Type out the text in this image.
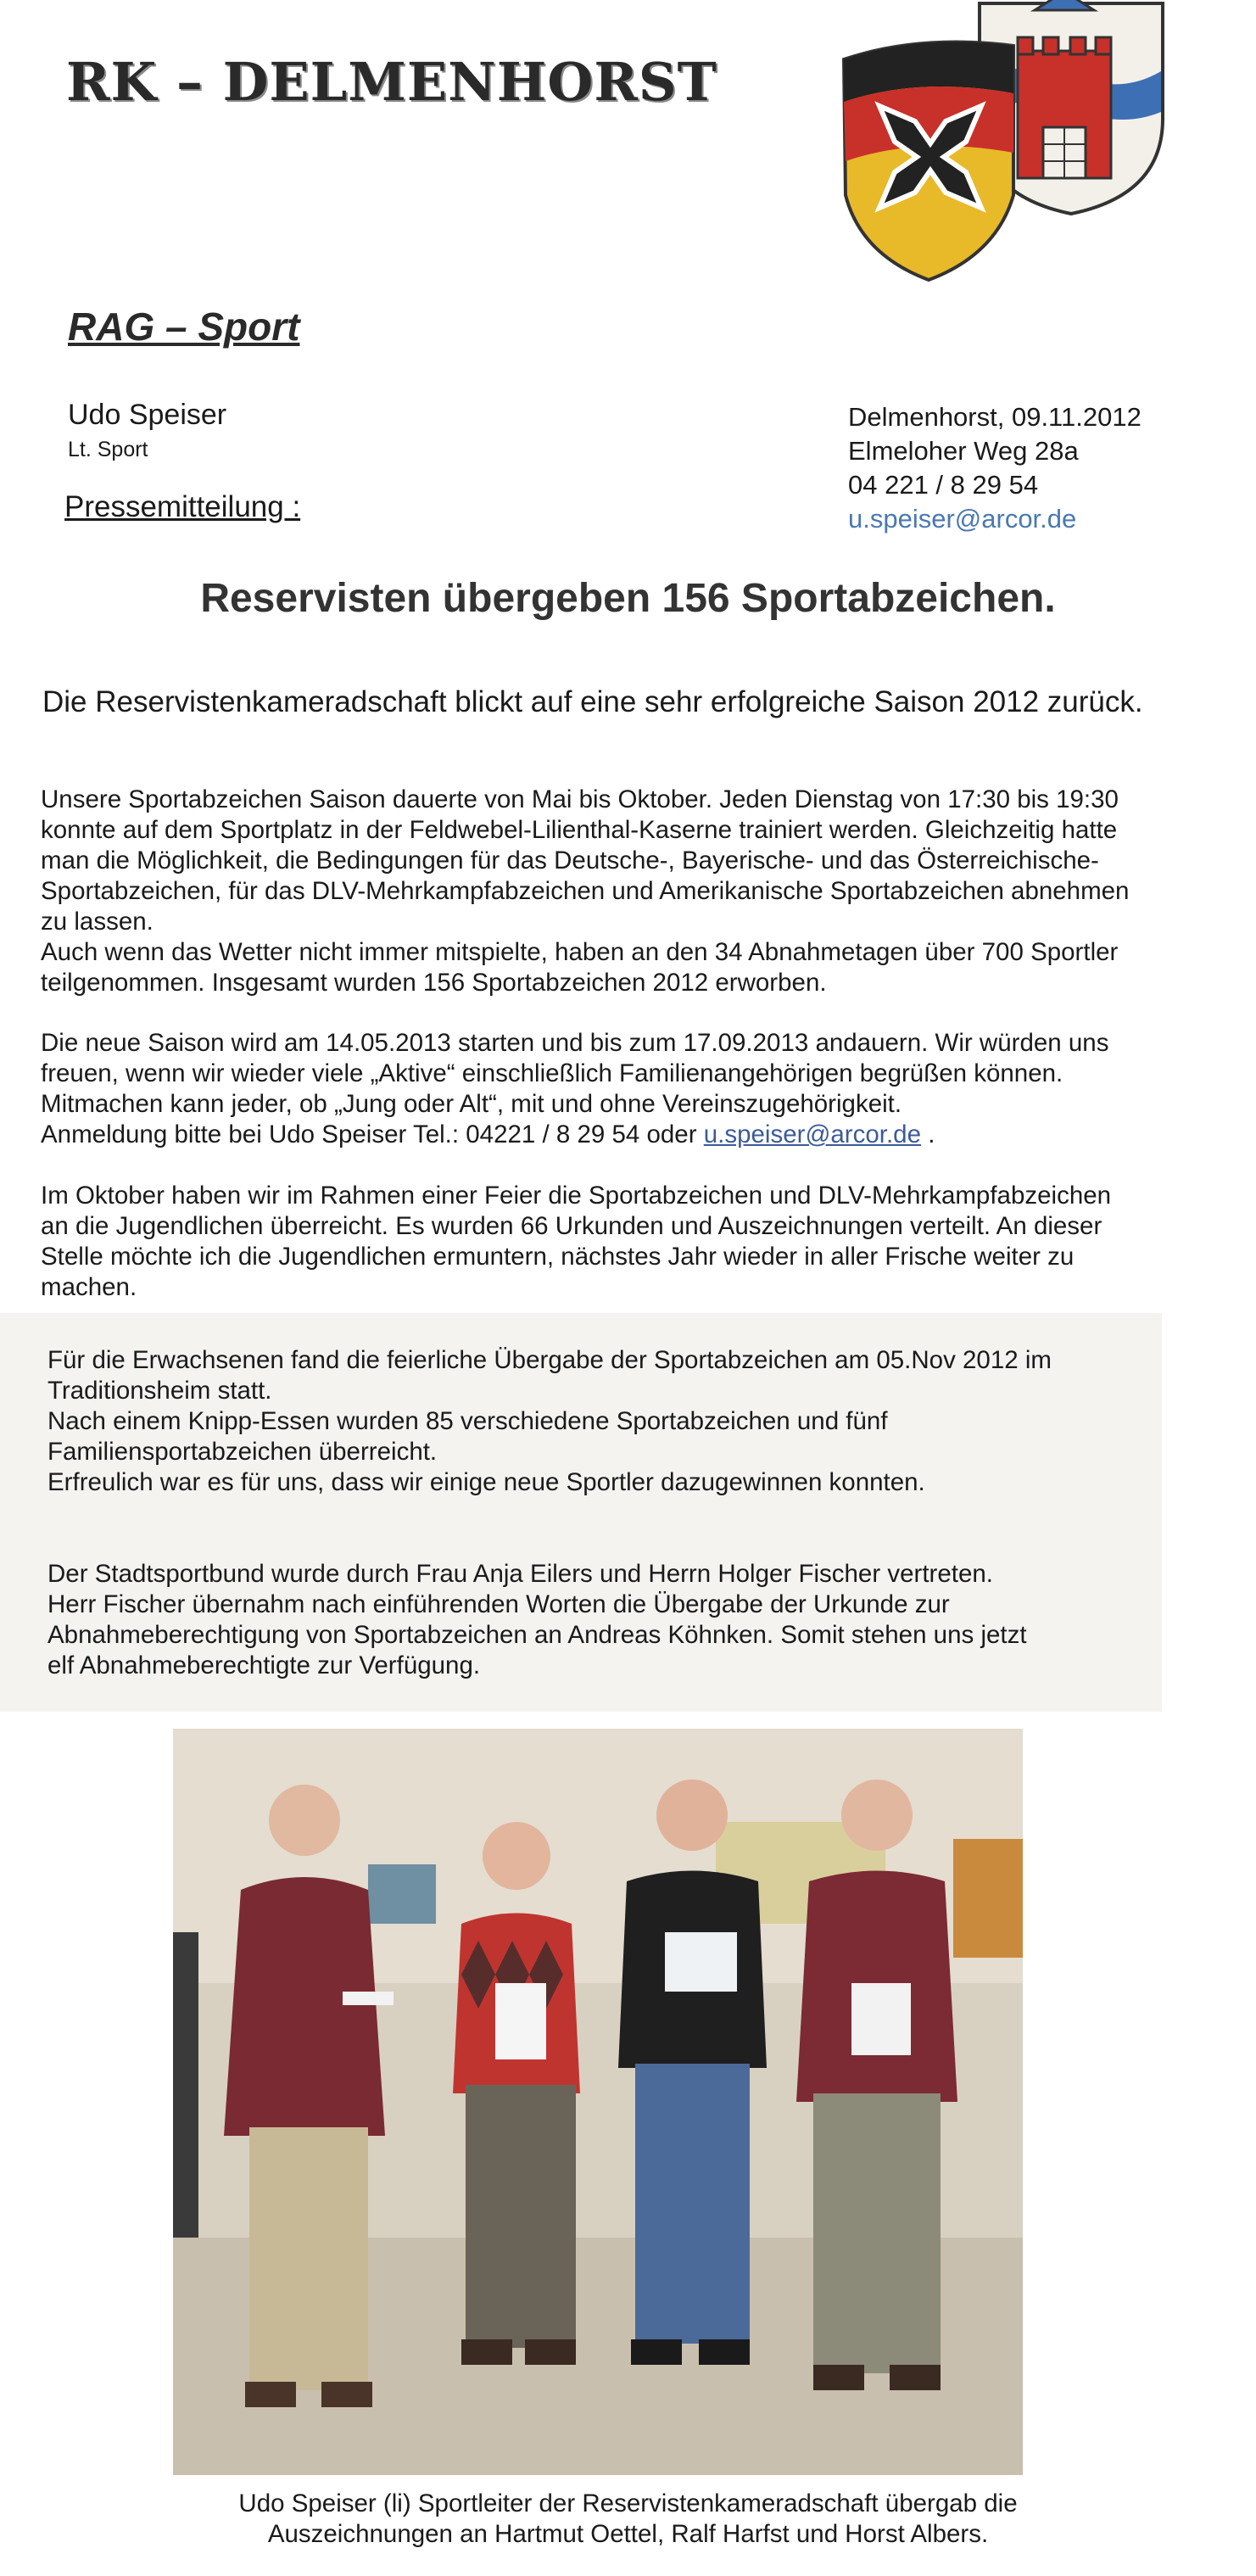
RK – DELMENHORST
RAG – Sport
Udo Speiser
Lt. Sport
Pressemitteilung :
Delmenhorst, 09.11.2012
Elmeloher Weg 28a
04 221 / 8 29 54
u.speiser@arcor.de
Reservisten übergeben 156 Sportabzeichen.
Die Reservistenkameradschaft blickt auf eine sehr erfolgreiche Saison 2012 zurück.
Unsere Sportabzeichen Saison dauerte von Mai bis Oktober. Jeden Dienstag von 17:30 bis 19:30
konnte auf dem Sportplatz in der Feldwebel-Lilienthal-Kaserne trainiert werden. Gleichzeitig hatte
man die Möglichkeit, die Bedingungen für das Deutsche-, Bayerische- und das Österreichische-
Sportabzeichen, für das DLV-Mehrkampfabzeichen und Amerikanische Sportabzeichen abnehmen
zu lassen.
Auch wenn das Wetter nicht immer mitspielte, haben an den 34 Abnahmetagen über 700 Sportler
teilgenommen. Insgesamt wurden 156 Sportabzeichen 2012 erworben.
Die neue Saison wird am 14.05.2013 starten und bis zum 17.09.2013 andauern. Wir würden uns
freuen, wenn wir wieder viele „Aktive“ einschließlich Familienangehörigen begrüßen können.
Mitmachen kann jeder, ob „Jung oder Alt“, mit und ohne Vereinszugehörigkeit.
Anmeldung bitte bei Udo Speiser Tel.: 04221 / 8 29 54 oder u.speiser@arcor.de .
Im Oktober haben wir im Rahmen einer Feier die Sportabzeichen und DLV-Mehrkampfabzeichen
an die Jugendlichen überreicht. Es wurden 66 Urkunden und Auszeichnungen verteilt. An dieser
Stelle möchte ich die Jugendlichen ermuntern, nächstes Jahr wieder in aller Frische weiter zu
machen.
Für die Erwachsenen fand die feierliche Übergabe der Sportabzeichen am 05.Nov 2012 im
Traditionsheim statt.
Nach einem Knipp-Essen wurden 85 verschiedene Sportabzeichen und fünf
Familiensportabzeichen überreicht.
Erfreulich war es für uns, dass wir einige neue Sportler dazugewinnen konnten.
Der Stadtsportbund wurde durch Frau Anja Eilers und Herrn Holger Fischer vertreten.
Herr Fischer übernahm nach einführenden Worten die Übergabe der Urkunde zur
Abnahmeberechtigung von Sportabzeichen an Andreas Köhnken. Somit stehen uns jetzt
elf Abnahmeberechtigte zur Verfügung.
Udo Speiser (li) Sportleiter der Reservistenkameradschaft übergab die
Auszeichnungen an Hartmut Oettel, Ralf Harfst und Horst Albers.
